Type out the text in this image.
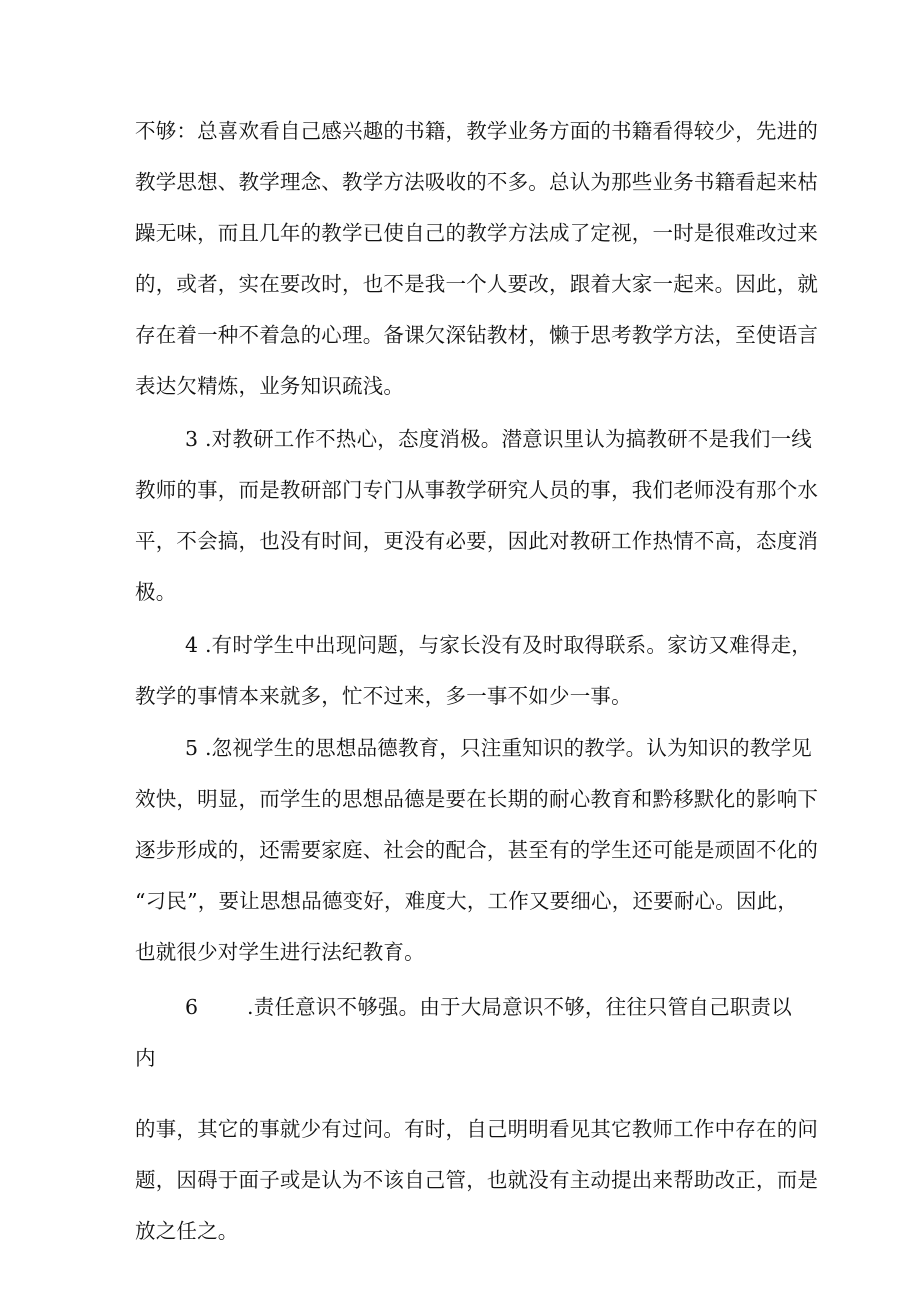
不够：总喜欢看自己感兴趣的书籍，教学业务方面的书籍看得较少，先进的
教学思想、教学理念、教学方法吸收的不多。总认为那些业务书籍看起来枯
躁无味，而且几年的教学已使自己的教学方法成了定视，一时是很难改过来
的，或者，实在要改时，也不是我一个人要改，跟着大家一起来。因此，就
存在着一种不着急的心理。备课欠深钻教材，懒于思考教学方法，至使语言
表达欠精炼，业务知识疏浅。
3 .对教研工作不热心，态度消极。潜意识里认为搞教研不是我们一线
教师的事，而是教研部门专门从事教学研究人员的事，我们老师没有那个水
平，不会搞，也没有时间，更没有必要，因此对教研工作热情不高，态度消
极。
4 .有时学生中出现问题，与家长没有及时取得联系。家访又难得走，
教学的事情本来就多，忙不过来，多一事不如少一事。
5 .忽视学生的思想品德教育，只注重知识的教学。认为知识的教学见
效快，明显，而学生的思想品德是要在长期的耐心教育和黔移默化的影响下
逐步形成的，还需要家庭、社会的配合，甚至有的学生还可能是顽固不化的
“刁民”，要让思想品德变好，难度大，工作又要细心，还要耐心。因此，
也就很少对学生进行法纪教育。
6 .责任意识不够强。由于大局意识不够，往往只管自己职责以
内
的事，其它的事就少有过问。有时，自己明明看见其它教师工作中存在的问
题，因碍于面子或是认为不该自己管，也就没有主动提出来帮助改正，而是
放之任之。
